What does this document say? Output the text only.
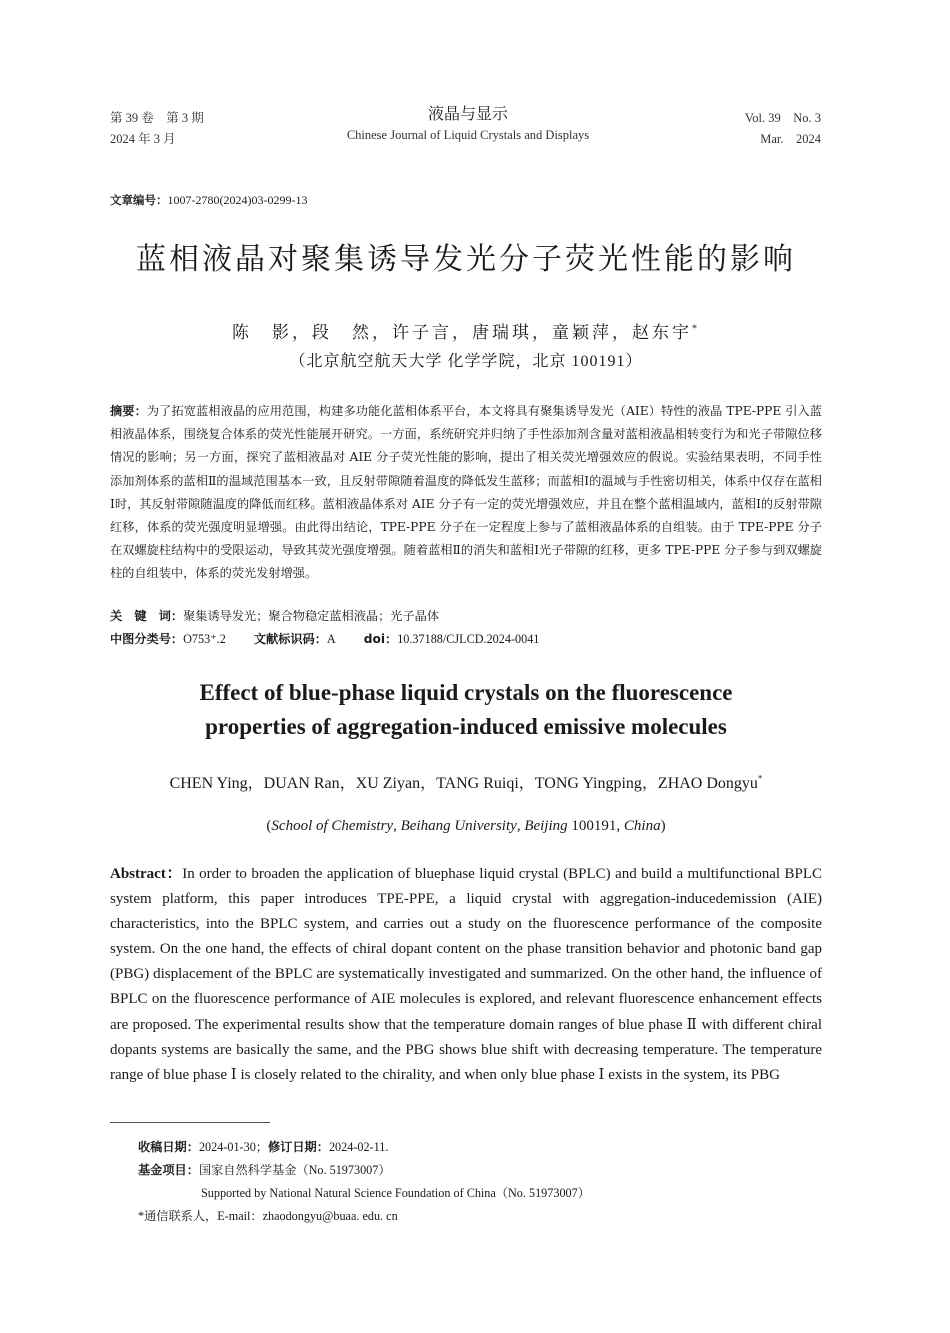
第 39 卷　第 3 期
2024 年 3 月
液晶与显示
Chinese Journal of Liquid Crystals and Displays
Vol. 39　No. 3
Mar.　2024
文章编号：1007-2780(2024)03-0299-13
蓝相液晶对聚集诱导发光分子荧光性能的影响
陈　影，段　然，许子言，唐瑞琪，童颖萍，赵东宇*
（北京航空航天大学 化学学院，北京 100191）
摘要：为了拓宽蓝相液晶的应用范围，构建多功能化蓝相体系平台，本文将具有聚集诱导发光（AIE）特性的液晶 TPE-PPE 引入蓝相液晶体系，围绕复合体系的荧光性能展开研究。一方面，系统研究并归纳了手性添加剂含量对蓝相液晶相转变行为和光子带隙位移情况的影响；另一方面，探究了蓝相液晶对 AIE 分子荧光性能的影响，提出了相关荧光增强效应的假说。实验结果表明，不同手性添加剂体系的蓝相Ⅱ的温域范围基本一致，且反射带隙随着温度的降低发生蓝移；而蓝相Ⅰ的温域与手性密切相关，体系中仅存在蓝相Ⅰ时，其反射带隙随温度的降低而红移。蓝相液晶体系对 AIE 分子有一定的荧光增强效应，并且在整个蓝相温域内，蓝相Ⅰ的反射带隙红移，体系的荧光强度明显增强。由此得出结论，TPE-PPE 分子在一定程度上参与了蓝相液晶体系的自组装。由于 TPE-PPE 分子在双螺旋柱结构中的受限运动，导致其荧光强度增强。随着蓝相Ⅱ的消失和蓝相Ⅰ光子带隙的红移，更多 TPE-PPE 分子参与到双螺旋柱的自组装中，体系的荧光发射增强。
关　键　词：聚集诱导发光；聚合物稳定蓝相液晶；光子晶体
中图分类号：O753⁺.2 文献标识码：A doi：10.37188/CJLCD.2024-0041
Effect of blue-phase liquid crystals on the fluorescence properties of aggregation-induced emissive molecules
CHEN Ying，DUAN Ran，XU Ziyan，TANG Ruiqi，TONG Yingping，ZHAO Dongyu*
(School of Chemistry, Beihang University, Beijing 100191, China)
Abstract：In order to broaden the application of bluephase liquid crystal (BPLC) and build a multifunctional BPLC system platform, this paper introduces TPE-PPE, a liquid crystal with aggregation-inducedemission (AIE) characteristics, into the BPLC system, and carries out a study on the fluorescence performance of the composite system. On the one hand, the effects of chiral dopant content on the phase transition behavior and photonic band gap (PBG) displacement of the BPLC are systematically investigated and summarized. On the other hand, the influence of BPLC on the fluorescence performance of AIE molecules is explored, and relevant fluorescence enhancement effects are proposed. The experimental results show that the temperature domain ranges of blue phase Ⅱ with different chiral dopants systems are basically the same, and the PBG shows blue shift with decreasing temperature. The temperature range of blue phase Ⅰ is closely related to the chirality, and when only blue phase Ⅰ exists in the system, its PBG
收稿日期：2024-01-30；修订日期：2024-02-11.
基金项目：国家自然科学基金（No. 51973007）
Supported by National Natural Science Foundation of China（No. 51973007）
*通信联系人，E-mail：zhaodongyu@buaa. edu. cn
